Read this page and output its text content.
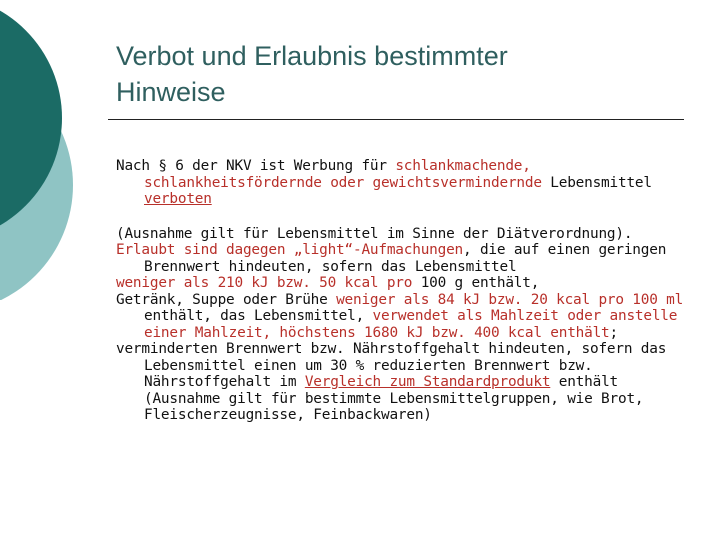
Verbot und Erlaubnis bestimmter
Hinweise

Nach § 6 der NKV ist Werbung für schlankmachende, schlankheitsfördernde oder gewichtsvermindernde Lebensmittel verboten

(Ausnahme gilt für Lebensmittel im Sinne der Diätverordnung).

Erlaubt sind dagegen „light“-Aufmachungen, die auf einen geringen Brennwert hindeuten, sofern das Lebensmittel

weniger als 210 kJ bzw. 50 kcal pro 100 g enthält,

Getränk, Suppe oder Brühe weniger als 84 kJ bzw. 20 kcal pro 100 ml enthält, das Lebensmittel, verwendet als Mahlzeit oder anstelle einer Mahlzeit, höchstens 1680 kJ bzw. 400 kcal enthält;

verminderten Brennwert bzw. Nährstoffgehalt hindeuten, sofern das Lebensmittel einen um 30 % reduzierten Brennwert bzw. Nährstoffgehalt im Vergleich zum Standardprodukt enthält (Ausnahme gilt für bestimmte Lebensmittelgruppen, wie Brot, Fleischerzeugnisse, Feinbackwaren)
